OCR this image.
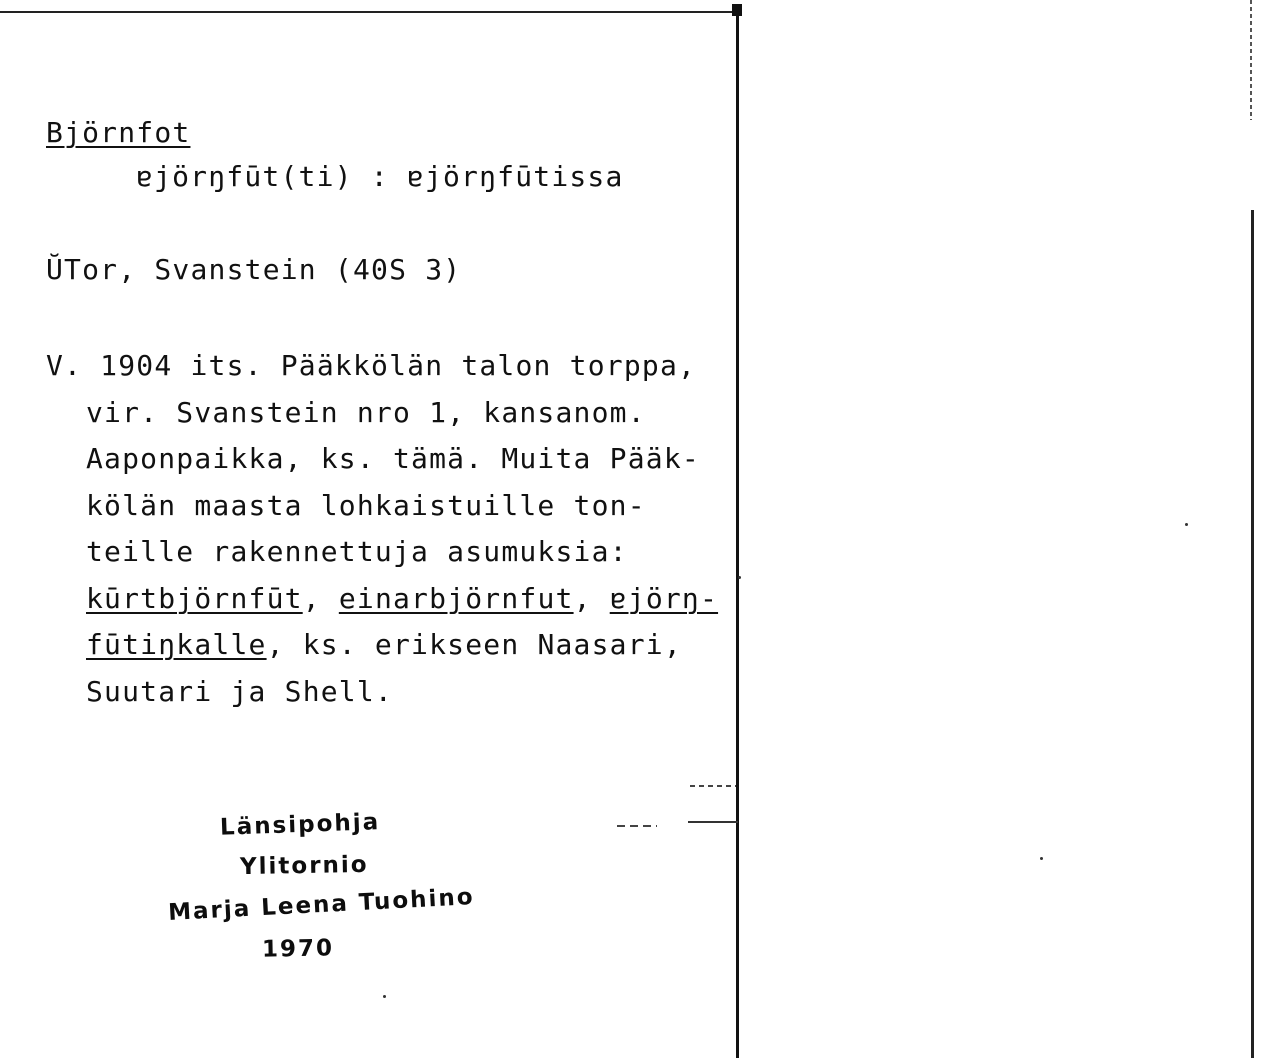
Björnfot
ɐjörŋfūt(ti) : ɐjörŋfūtissa
ŬTor, Svanstein (40S 3)
V. 1904 its. Pääkkölän talon torppa,
vir. Svanstein nro 1, kansanom.
Aaponpaikka, ks. tämä. Muita Pääk-
kölän maasta lohkaistuille ton-
teille rakennettuja asumuksia:
kūrtbjörnfūt, einarbjörnfut, ɐjörŋ-
fūtiŋkalle, ks. erikseen Naasari,
Suutari ja Shell.
Länsipohja
Ylitornio
Marja Leena Tuohino
1970
